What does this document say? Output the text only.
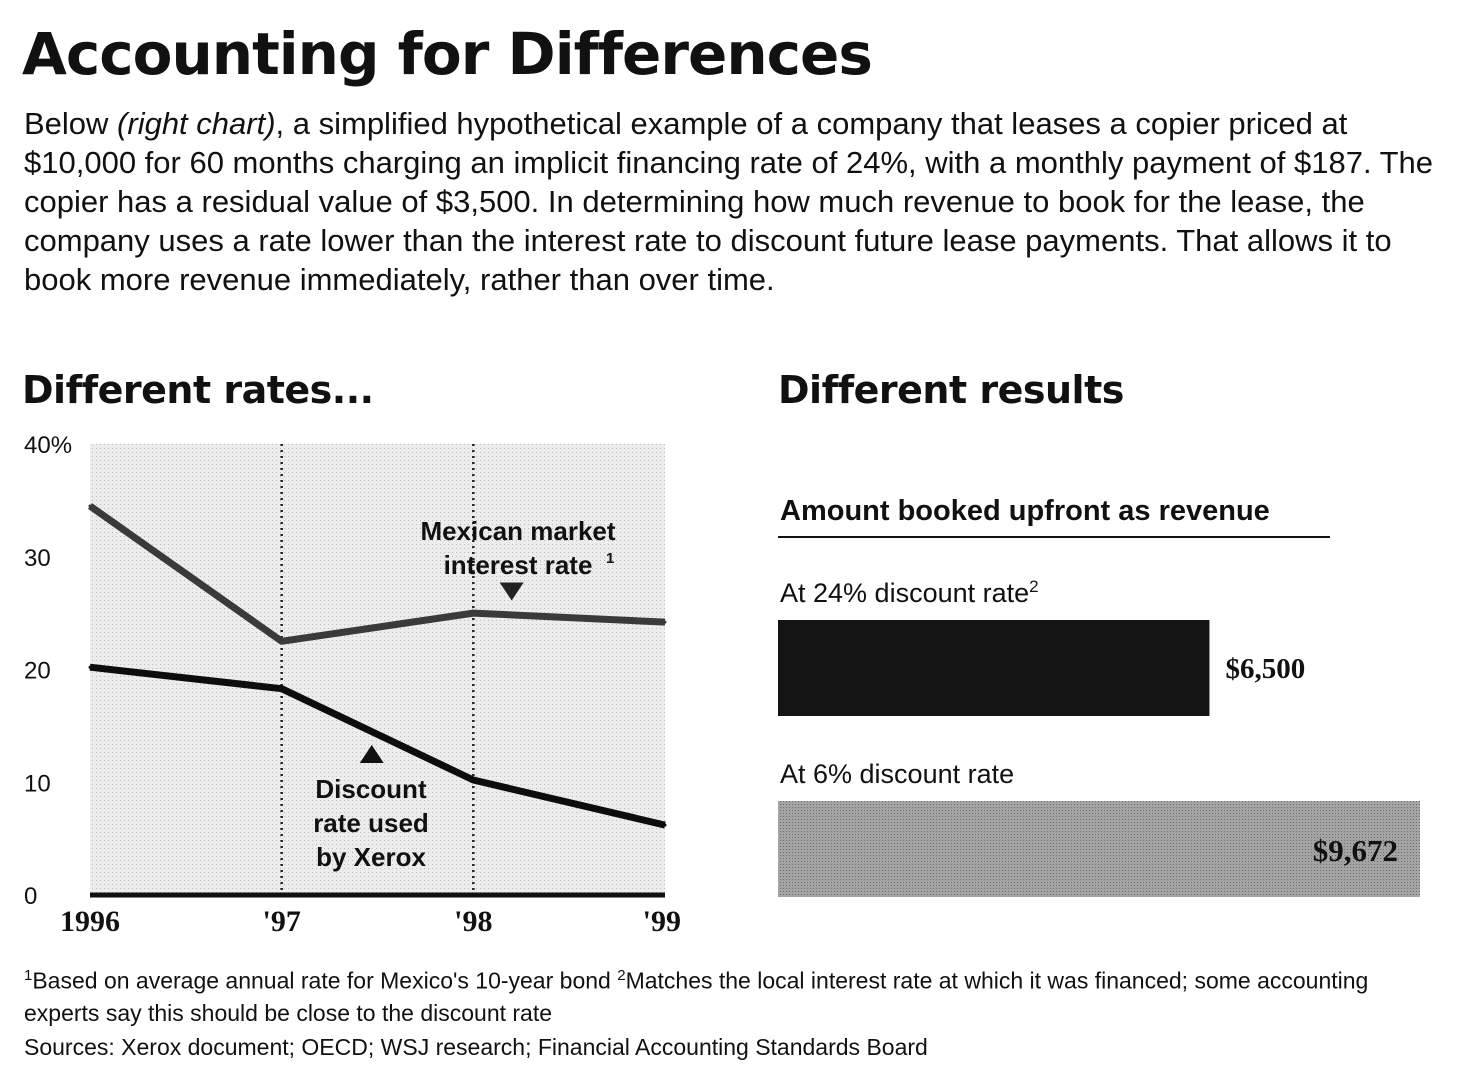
Accounting for Differences

Below (right chart), a simplified hypothetical example of a company that leases a copier priced at $10,000 for 60 months charging an implicit financing rate of 24%, with a monthly payment of $187. The copier has a residual value of $3,500. In determining how much revenue to book for the lease, the company uses a rate lower than the interest rate to discount future lease payments. That allows it to book more revenue immediately, rather than over time.

Different rates...	Different results
40%
30
20
10
0
1996	'97	'98	'99
Mexican market
interest rate 1
Discount
rate used
by Xerox
Amount booked upfront as revenue
At 24% discount rate$^2$
$6,500
At 6% discount rate
$9,672

$^1$Based on average annual rate for Mexico's 10-year bond $^2$Matches the local interest rate at which it was financed; some accounting experts say this should be close to the discount rate

Sources: Xerox document; OECD; WSJ research; Financial Accounting Standards Board
